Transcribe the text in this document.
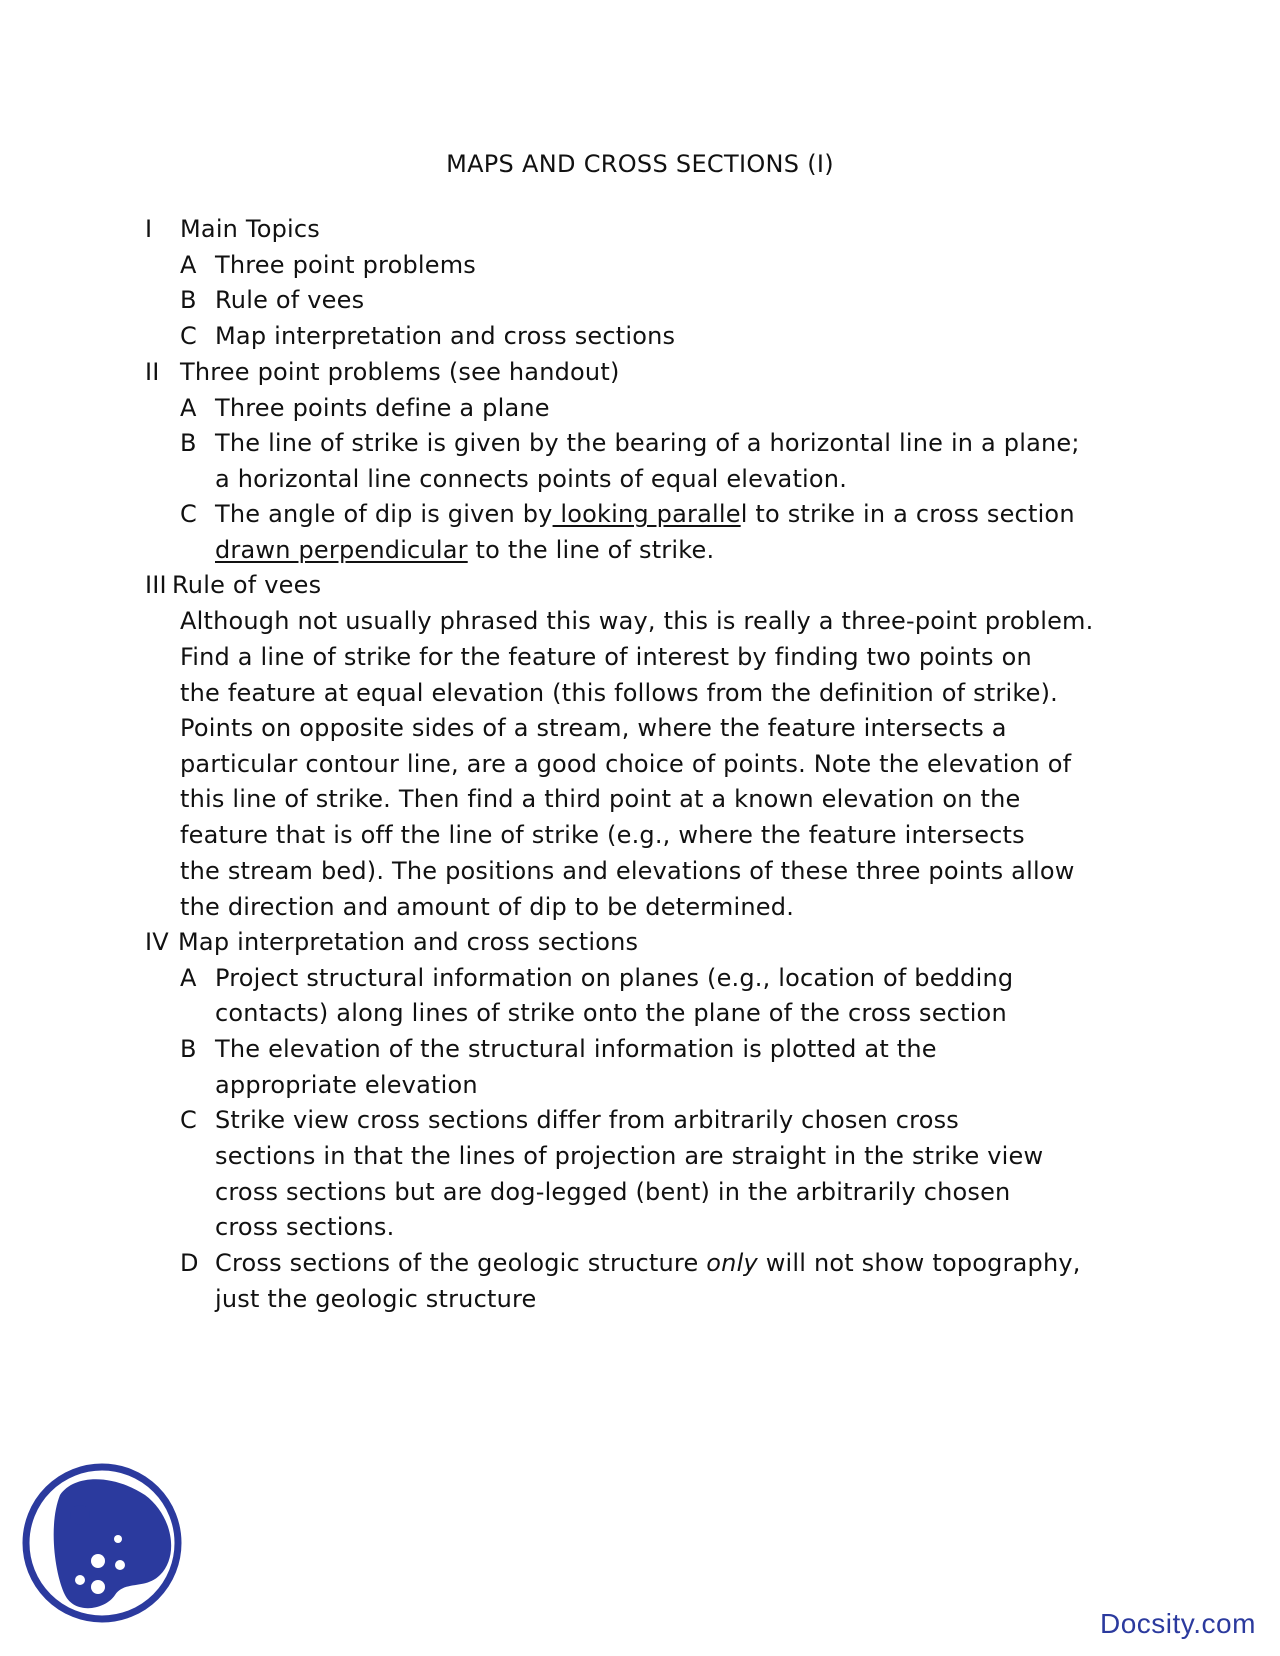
MAPS AND CROSS SECTIONS (I)
I Main Topics
A Three point problems
B Rule of vees
C Map interpretation and cross sections
II Three point problems (see handout)
A Three points define a plane
B The line of strike is given by the bearing of a horizontal line in a plane;
a horizontal line connects points of equal elevation.
C The angle of dip is given by looking parallel to strike in a cross section
drawn perpendicular to the line of strike.
III Rule of vees
Although not usually phrased this way, this is really a three-point problem.
Find a line of strike for the feature of interest by finding two points on
the feature at equal elevation (this follows from the definition of strike).
Points on opposite sides of a stream, where the feature intersects a
particular contour line, are a good choice of points. Note the elevation of
this line of strike. Then find a third point at a known elevation on the
feature that is off the line of strike (e.g., where the feature intersects
the stream bed). The positions and elevations of these three points allow
the direction and amount of dip to be determined.
IV Map interpretation and cross sections
A Project structural information on planes (e.g., location of bedding
contacts) along lines of strike onto the plane of the cross section
B The elevation of the structural information is plotted at the
appropriate elevation
C Strike view cross sections differ from arbitrarily chosen cross
sections in that the lines of projection are straight in the strike view
cross sections but are dog-legged (bent) in the arbitrarily chosen
cross sections.
D Cross sections of the geologic structure only will not show topography,
just the geologic structure
Docsity.com
